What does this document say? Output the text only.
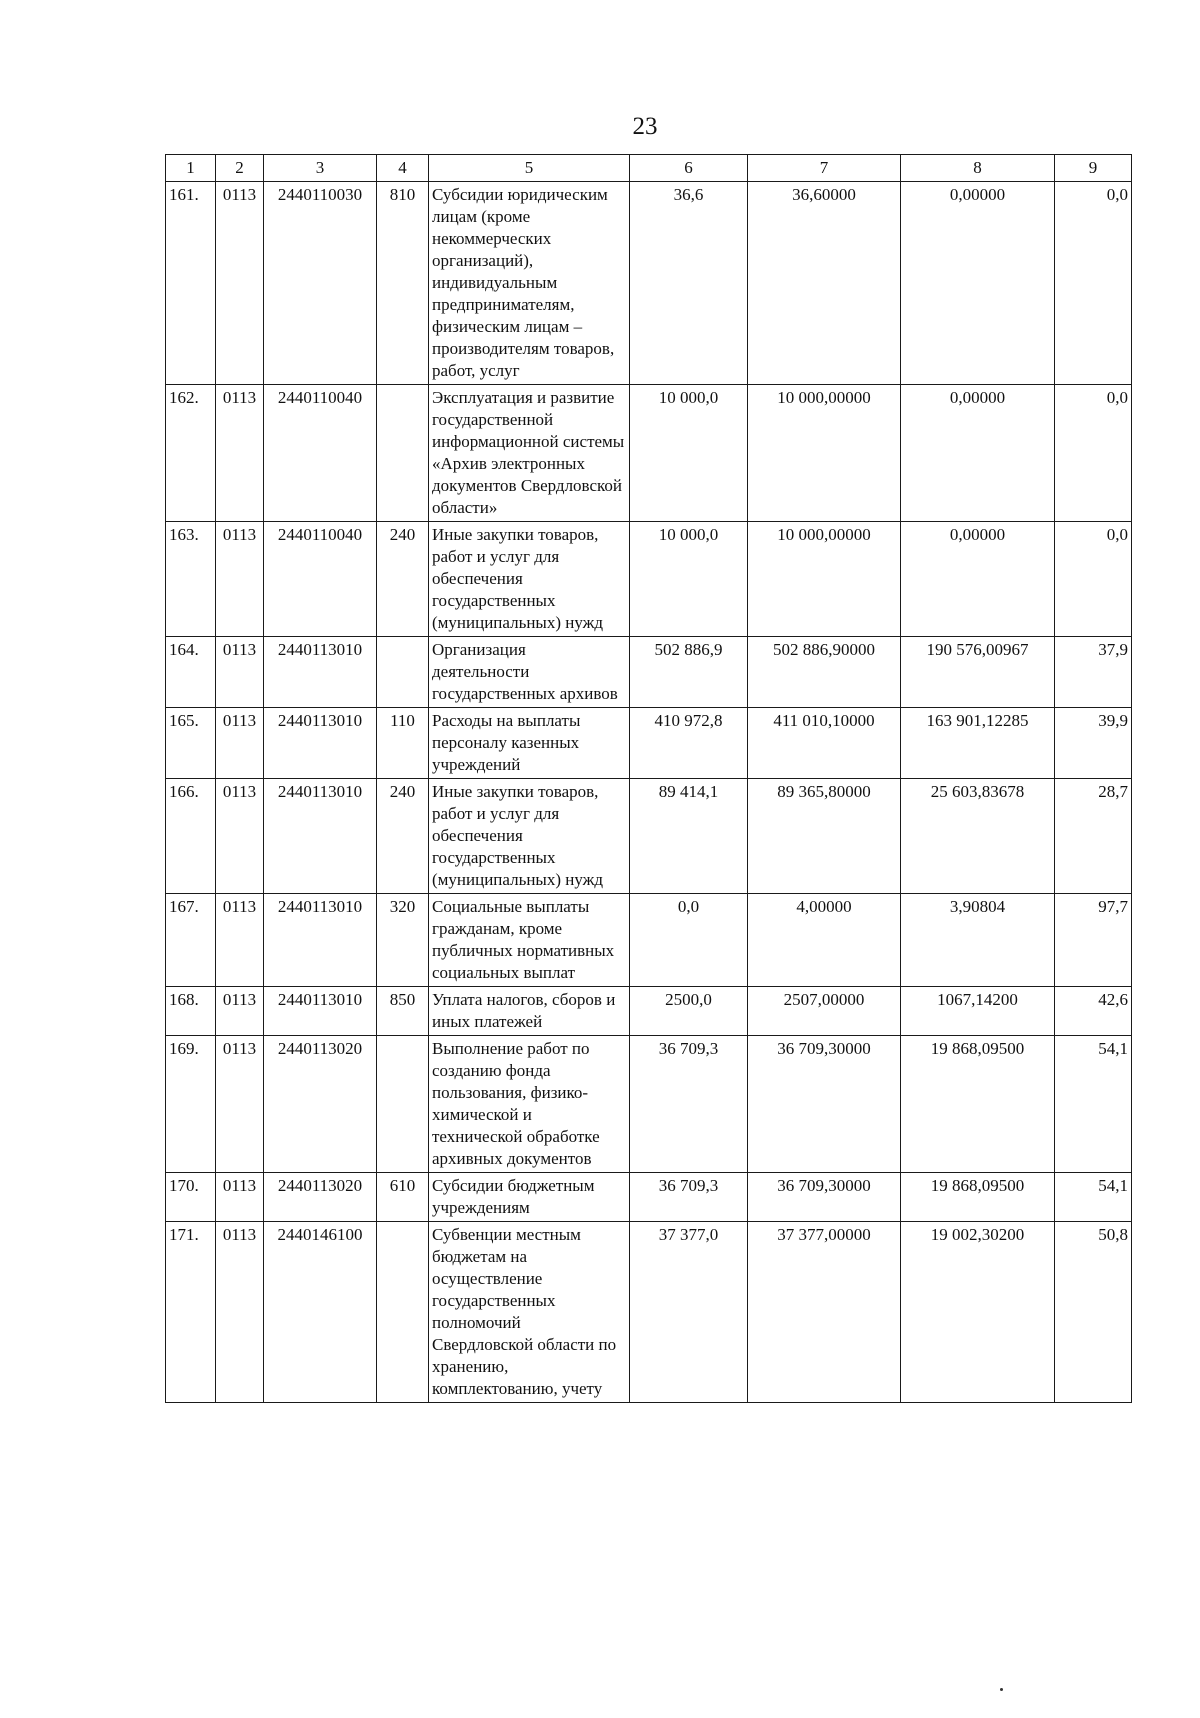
23
1	2	3	4	5	6	7	8	9
161.	0113	2440110030	810	Субсидии юридическим лицам (кроме некоммерческих организаций), индивидуальным предпринимателям, физическим лицам – производителям товаров, работ, услуг	36,6	36,60000	0,00000	0,0
162.	0113	2440110040		Эксплуатация и развитие государственной информационной системы «Архив электронных документов Свердловской области»	10 000,0	10 000,00000	0,00000	0,0
163.	0113	2440110040	240	Иные закупки товаров, работ и услуг для обеспечения государственных (муниципальных) нужд	10 000,0	10 000,00000	0,00000	0,0
164.	0113	2440113010		Организация деятельности государственных архивов	502 886,9	502 886,90000	190 576,00967	37,9
165.	0113	2440113010	110	Расходы на выплаты персоналу казенных учреждений	410 972,8	411 010,10000	163 901,12285	39,9
166.	0113	2440113010	240	Иные закупки товаров, работ и услуг для обеспечения государственных (муниципальных) нужд	89 414,1	89 365,80000	25 603,83678	28,7
167.	0113	2440113010	320	Социальные выплаты гражданам, кроме публичных нормативных социальных выплат	0,0	4,00000	3,90804	97,7
168.	0113	2440113010	850	Уплата налогов, сборов и иных платежей	2500,0	2507,00000	1067,14200	42,6
169.	0113	2440113020		Выполнение работ по созданию фонда пользования, физико-химической и технической обработке архивных документов	36 709,3	36 709,30000	19 868,09500	54,1
170.	0113	2440113020	610	Субсидии бюджетным учреждениям	36 709,3	36 709,30000	19 868,09500	54,1
171.	0113	2440146100		Субвенции местным бюджетам на осуществление государственных полномочий Свердловской области по хранению, комплектованию, учету	37 377,0	37 377,00000	19 002,30200	50,8
